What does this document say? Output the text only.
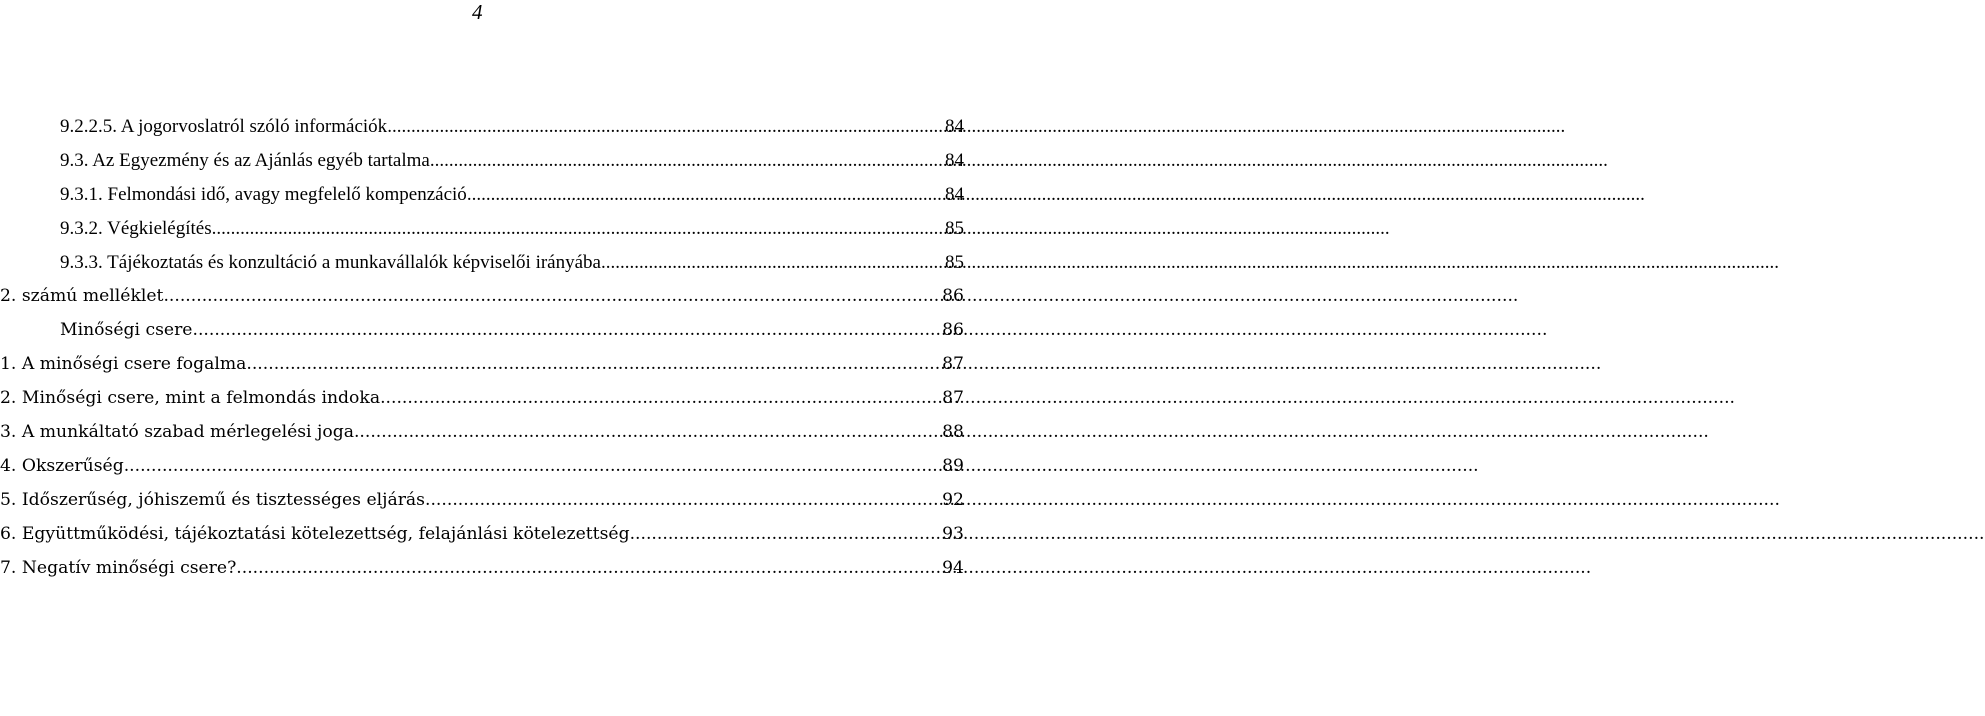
4
9.2.2.5. A jogorvoslatról szóló információk .....	84
9.3. Az Egyezmény és az Ajánlás egyéb tartalma .....	84
9.3.1. Felmondási idő, avagy megfelelő kompenzáció .....	84
9.3.2. Végkielégítés .....	85
9.3.3. Tájékoztatás és konzultáció a munkavállalók képviselői irányába .....	85
2. számú melléklet .....	86
Minőségi csere .....	86
1. A minőségi csere fogalma .....	87
2. Minőségi csere, mint a felmondás indoka .....	87
3. A munkáltató szabad mérlegelési joga .....	88
4. Okszerűség .....	89
5. Időszerűség, jóhiszemű és tisztességes eljárás .....	92
6. Együttműködési, tájékoztatási kötelezettség, felajánlási kötelezettség .....	93
7. Negatív minőségi csere? .....	94
